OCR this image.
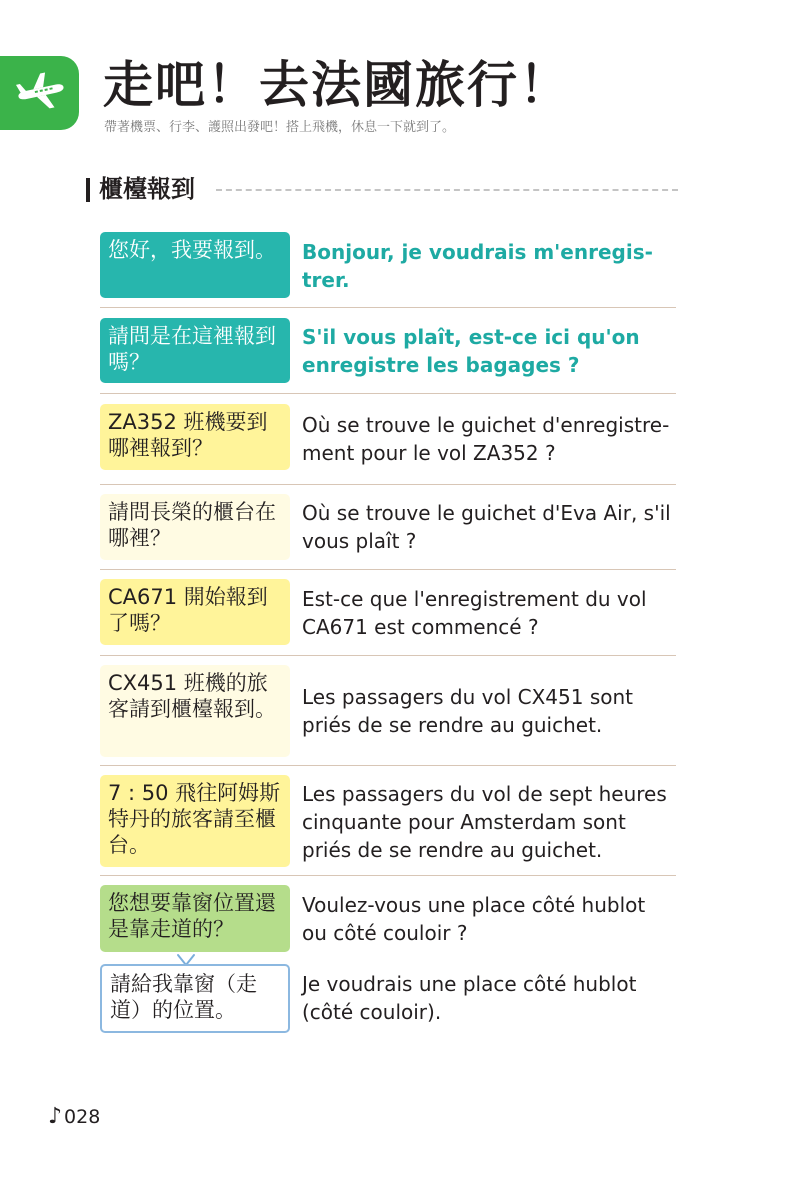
走吧！去法國旅行！
帶著機票、行李、護照出發吧！搭上飛機，休息一下就到了。
櫃檯報到
您好，我要報到。	Bonjour, je voudrais m'enregis-trer.
請問是在這裡報到嗎？
S'il vous plaît, est-ce ici qu'on enregistre les bagages ?
ZA352 班機要到哪裡報到？
Où se trouve le guichet d'enregistre-ment pour le vol ZA352 ?
請問長榮的櫃台在哪裡？
Où se trouve le guichet d'Eva Air, s'il vous plaît ?
CA671 開始報到了嗎？
Est-ce que l'enregistrement du vol CA671 est commencé ?
CX451 班機的旅客請到櫃檯報到。	Les passagers du vol CX451 sont priés de se rendre au guichet.
7 : 50 飛往阿姆斯特丹的旅客請至櫃台。
Les passagers du vol de sept heures cinquante pour Amsterdam sont priés de se rendre au guichet.
您想要靠窗位置還是靠走道的？
Voulez-vous une place côté hublot ou côté couloir ?
請給我靠窗（走道）的位置。
Je voudrais une place côté hublot (côté couloir).
♪ 028
